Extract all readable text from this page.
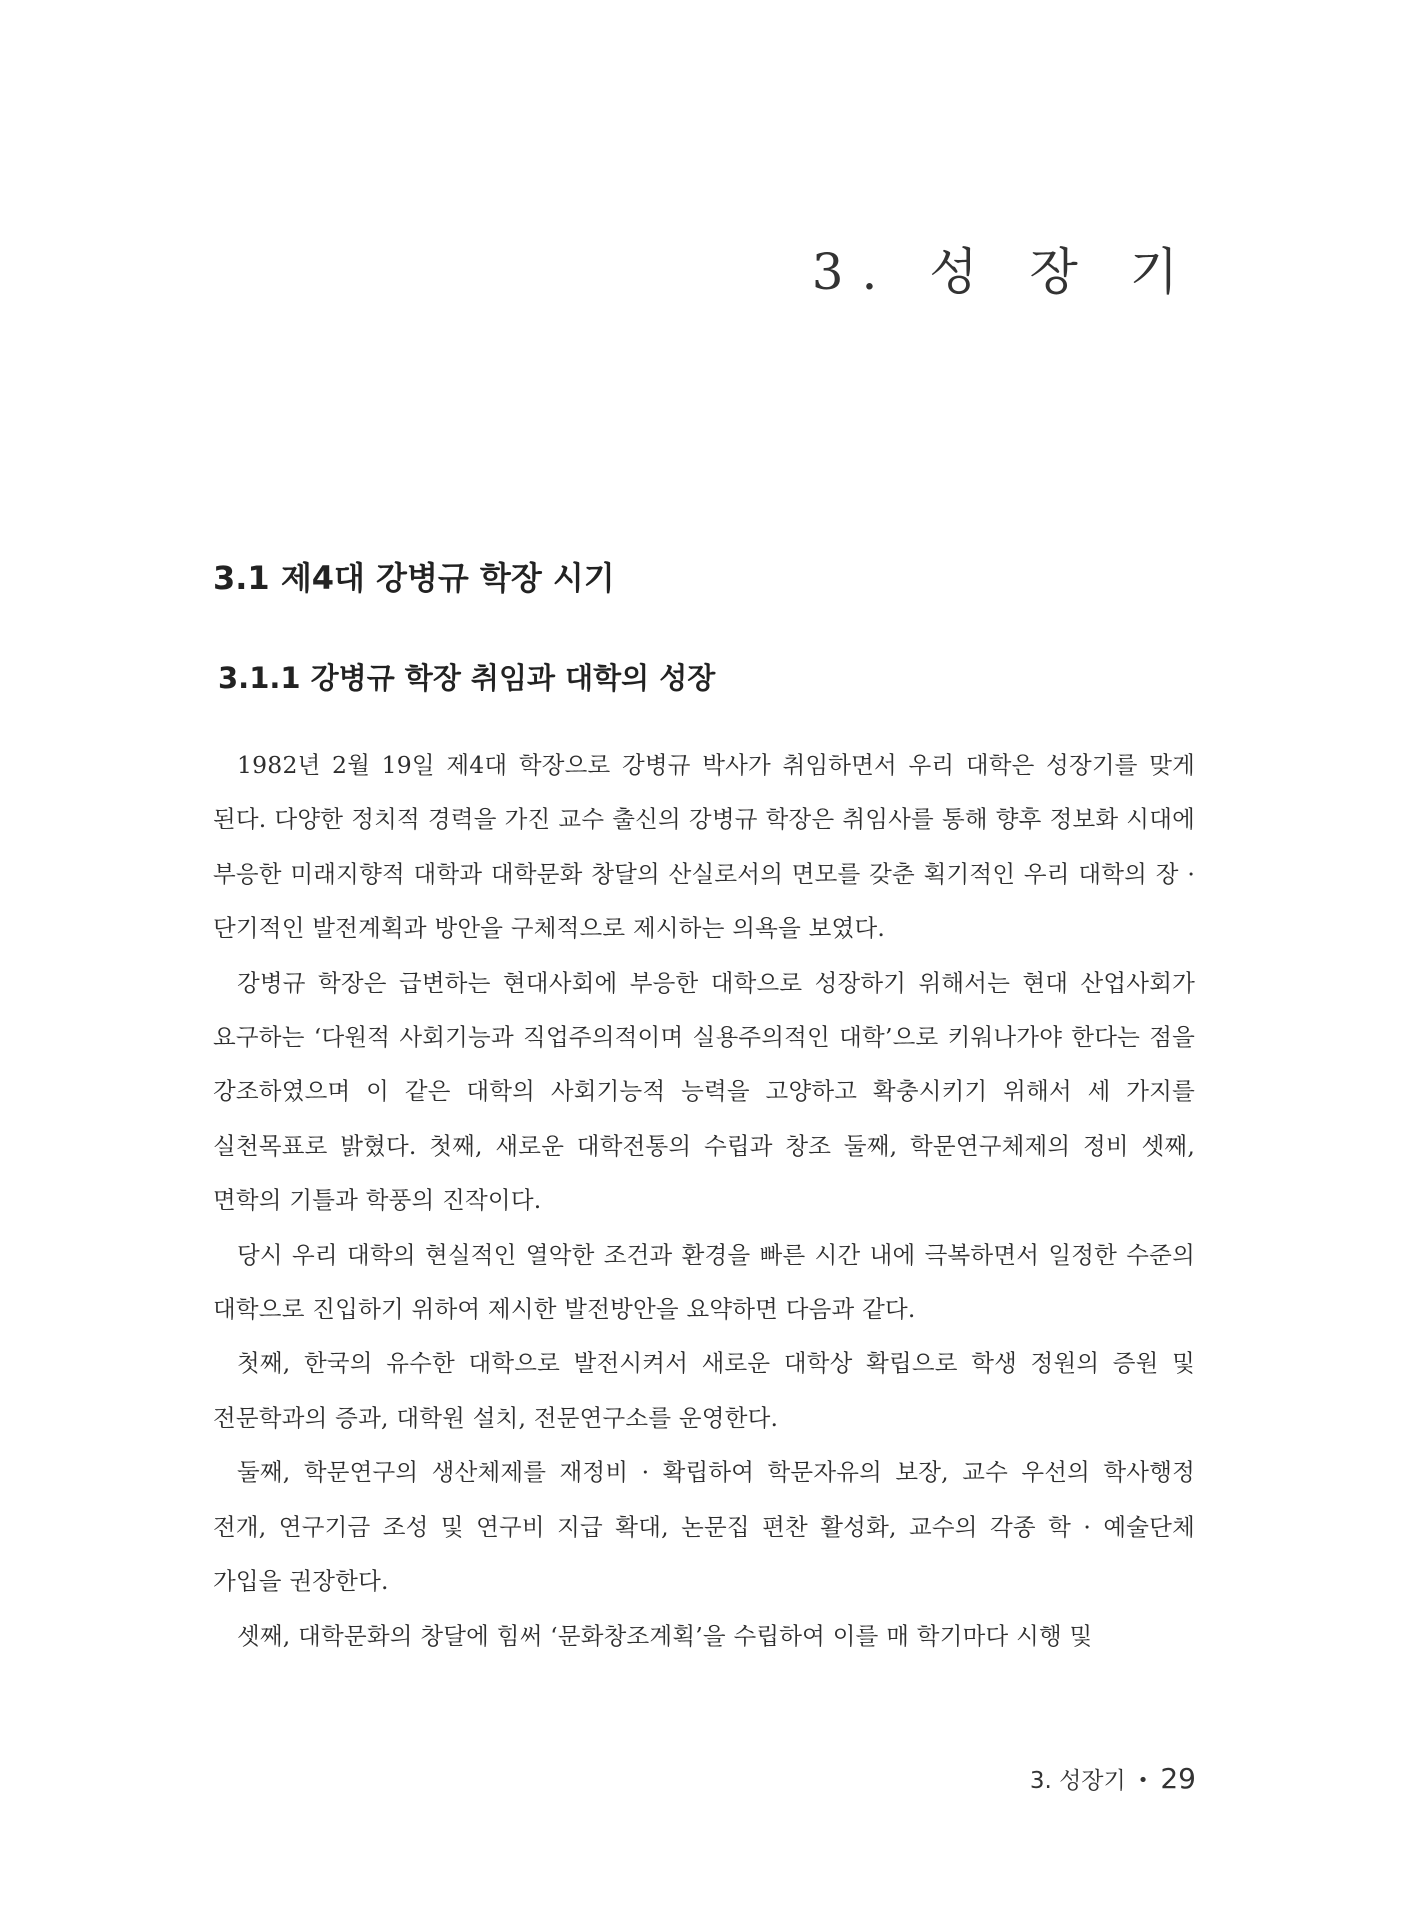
3. 성 장 기
3.1 제4대 강병규 학장 시기
3.1.1 강병규 학장 취임과 대학의 성장

1982년 2월 19일 제4대 학장으로 강병규 박사가 취임하면서 우리 대학은 성장기를 맞게 된다. 다양한 정치적 경력을 가진 교수 출신의 강병규 학장은 취임사를 통해 향후 정보화 시대에 부응한 미래지향적 대학과 대학문화 창달의 산실로서의 면모를 갖춘 획기적인 우리 대학의 장 · 단기적인 발전계획과 방안을 구체적으로 제시하는 의욕을 보였다.

강병규 학장은 급변하는 현대사회에 부응한 대학으로 성장하기 위해서는 현대 산업사회가 요구하는 ‘다원적 사회기능과 직업주의적이며 실용주의적인 대학’으로 키워나가야 한다는 점을 강조하였으며 이 같은 대학의 사회기능적 능력을 고양하고 확충시키기 위해서 세 가지를 실천목표로 밝혔다. 첫째, 새로운 대학전통의 수립과 창조 둘째, 학문연구체제의 정비 셋째, 면학의 기틀과 학풍의 진작이다.

당시 우리 대학의 현실적인 열악한 조건과 환경을 빠른 시간 내에 극복하면서 일정한 수준의 대학으로 진입하기 위하여 제시한 발전방안을 요약하면 다음과 같다.

첫째, 한국의 유수한 대학으로 발전시켜서 새로운 대학상 확립으로 학생 정원의 증원 및 전문학과의 증과, 대학원 설치, 전문연구소를 운영한다.

둘째, 학문연구의 생산체제를 재정비 · 확립하여 학문자유의 보장, 교수 우선의 학사행정 전개, 연구기금 조성 및 연구비 지급 확대, 논문집 편찬 활성화, 교수의 각종 학 · 예술단체 가입을 권장한다.

셋째, 대학문화의 창달에 힘써 ‘문화창조계획’을 수립하여 이를 매 학기마다 시행 및

3. 성장기 • 29
